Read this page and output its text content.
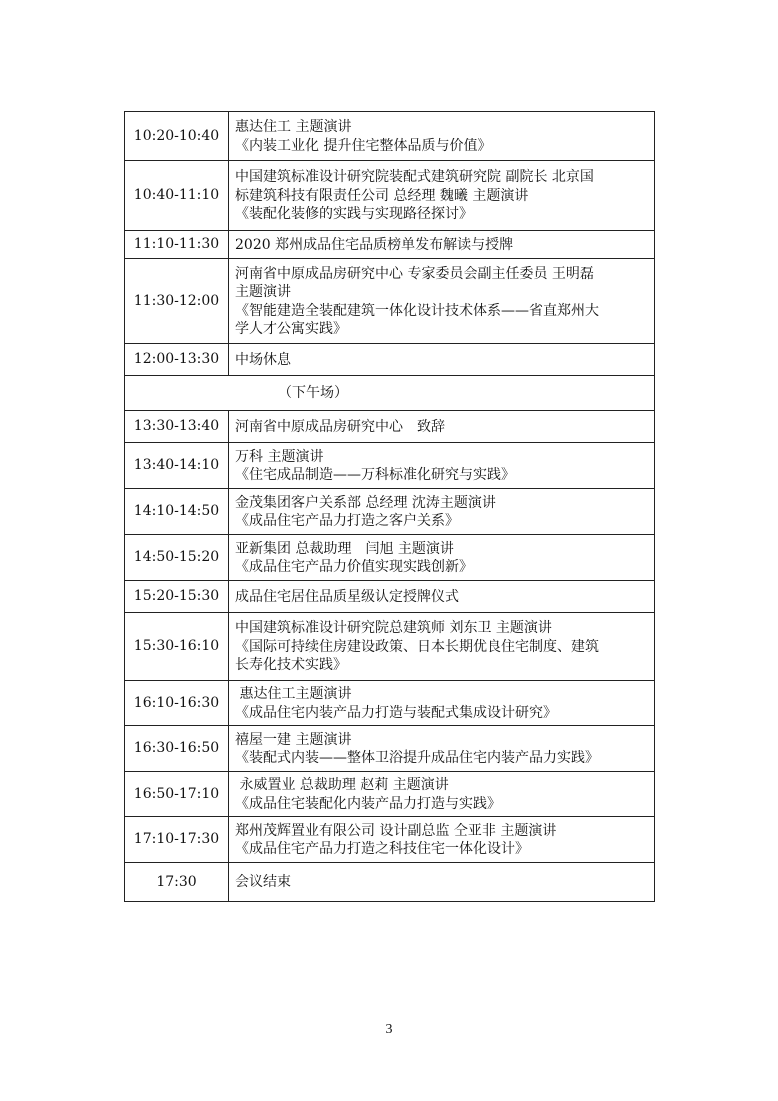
10:20-10:40	惠达住工 主题演讲
《内装工业化 提升住宅整体品质与价值》

10:40-11:10	中国建筑标准设计研究院装配式建筑研究院 副院长 北京国
标建筑科技有限责任公司 总经理 魏曦 主题演讲
《装配化装修的实践与实现路径探讨》

11:10-11:30	2020 郑州成品住宅品质榜单发布解读与授牌

11:30-12:00	河南省中原成品房研究中心 专家委员会副主任委员 王明磊
主题演讲
《智能建造全装配建筑一体化设计技术体系——省直郑州大
学人才公寓实践》

12:00-13:30	中场休息

（下午场）	
13:30-13:40	河南省中原成品房研究中心　致辞

13:40-14:10	万科 主题演讲
《住宅成品制造——万科标准化研究与实践》

14:10-14:50	金茂集团客户关系部 总经理 沈涛主题演讲
《成品住宅产品力打造之客户关系》

14:50-15:20	亚新集团 总裁助理　闫旭 主题演讲
《成品住宅产品力价值实现实践创新》

15:20-15:30	成品住宅居住品质星级认定授牌仪式

15:30-16:10	中国建筑标准设计研究院总建筑师 刘东卫 主题演讲
《国际可持续住房建设政策、日本长期优良住宅制度、建筑
长寿化技术实践》

16:10-16:30	惠达住工主题演讲
《成品住宅内装产品力打造与装配式集成设计研究》

16:30-16:50	禧屋一建 主题演讲
《装配式内装——整体卫浴提升成品住宅内装产品力实践》

16:50-17:10	永威置业 总裁助理 赵莉 主题演讲
《成品住宅装配化内装产品力打造与实践》

17:10-17:30	郑州茂辉置业有限公司 设计副总监 仝亚非 主题演讲
《成品住宅产品力打造之科技住宅一体化设计》

17:30	会议结束
3
